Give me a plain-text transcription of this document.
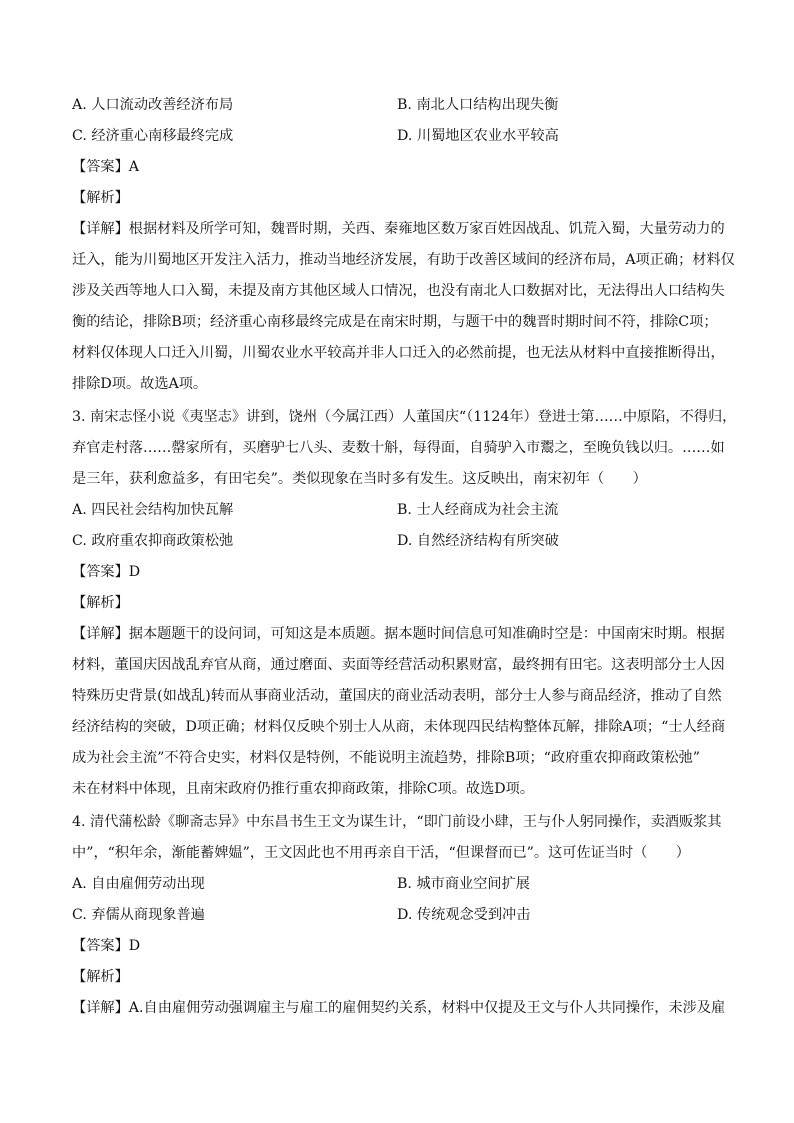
A. 人口流动改善经济布局	B. 南北人口结构出现失衡
C. 经济重心南移最终完成	D. 川蜀地区农业水平较高
【答案】A
【解析】
【详解】根据材料及所学可知，魏晋时期，关西、秦雍地区数万家百姓因战乱、饥荒入蜀，大量劳动力的
迁入，能为川蜀地区开发注入活力，推动当地经济发展，有助于改善区域间的经济布局，A项正确；材料仅
涉及关西等地人口入蜀，未提及南方其他区域人口情况，也没有南北人口数据对比，无法得出人口结构失
衡的结论，排除B项；经济重心南移最终完成是在南宋时期，与题干中的魏晋时期时间不符，排除C项；
材料仅体现人口迁入川蜀，川蜀农业水平较高并非人口迁入的必然前提，也无法从材料中直接推断得出，
排除D项。故选A项。
3. 南宋志怪小说《夷坚志》讲到，饶州（今属江西）人董国庆“（1124年）登进士第……中原陷，不得归，
弃官走村落……罄家所有，买磨驴七八头、麦数十斛，每得面，自骑驴入市鬻之，至晚负钱以归。……如
是三年，获利愈益多，有田宅矣”。类似现象在当时多有发生。这反映出，南宋初年（　　）
A. 四民社会结构加快瓦解	B. 士人经商成为社会主流
C. 政府重农抑商政策松弛	D. 自然经济结构有所突破
【答案】D
【解析】
【详解】据本题题干的设问词，可知这是本质题。据本题时间信息可知准确时空是：中国南宋时期。根据
材料，董国庆因战乱弃官从商，通过磨面、卖面等经营活动积累财富，最终拥有田宅。这表明部分士人因
特殊历史背景(如战乱)转而从事商业活动，董国庆的商业活动表明，部分士人参与商品经济，推动了自然
经济结构的突破，D项正确；材料仅反映个别士人从商，未体现四民结构整体瓦解，排除A项；“士人经商
成为社会主流”不符合史实，材料仅是特例，不能说明主流趋势，排除B项；“政府重农抑商政策松弛”
未在材料中体现，且南宋政府仍推行重农抑商政策，排除C项。故选D项。
4. 清代蒲松龄《聊斋志异》中东昌书生王文为谋生计，“即门前设小肆，王与仆人躬同操作，卖酒贩浆其
中”，“积年余，渐能蓄婢媪”，王文因此也不用再亲自干活，“但课督而已”。这可佐证当时（　　）
A. 自由雇佣劳动出现	B. 城市商业空间扩展
C. 弃儒从商现象普遍	D. 传统观念受到冲击
【答案】D
【解析】
【详解】A.自由雇佣劳动强调雇主与雇工的雇佣契约关系，材料中仅提及王文与仆人共同操作，未涉及雇
